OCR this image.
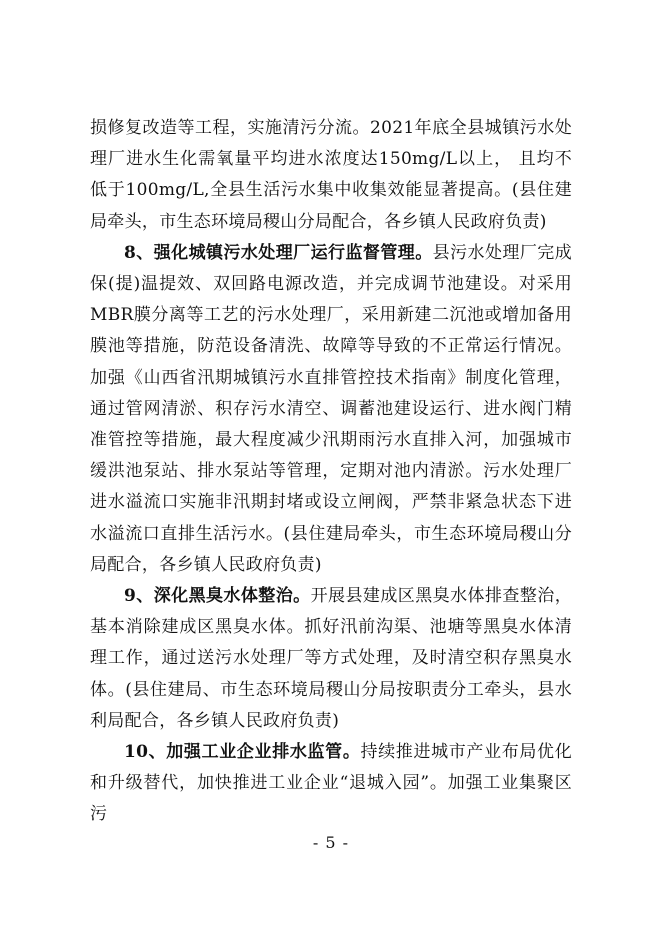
损修复改造等工程，实施清污分流。2021年底全县城镇污水处理厂进水生化需氧量平均进水浓度达150mg/L以上， 且均不低于100mg/L,全县生活污水集中收集效能显著提高。(县住建局牵头，市生态环境局稷山分局配合，各乡镇人民政府负责)

8、强化城镇污水处理厂运行监督管理。县污水处理厂完成保(提)温提效、双回路电源改造，并完成调节池建设。对采用MBR膜分离等工艺的污水处理厂，采用新建二沉池或增加备用膜池等措施，防范设备清洗、故障等导致的不正常运行情况。加强《山西省汛期城镇污水直排管控技术指南》制度化管理，通过管网清淤、积存污水清空、调蓄池建设运行、进水阀门精准管控等措施，最大程度减少汛期雨污水直排入河，加强城市缓洪池泵站、排水泵站等管理，定期对池内清淤。污水处理厂进水溢流口实施非汛期封堵或设立闸阀，严禁非紧急状态下进水溢流口直排生活污水。(县住建局牵头，市生态环境局稷山分局配合，各乡镇人民政府负责)

9、深化黑臭水体整治。开展县建成区黑臭水体排查整治，基本消除建成区黑臭水体。抓好汛前沟渠、池塘等黑臭水体清理工作，通过送污水处理厂等方式处理，及时清空积存黑臭水体。(县住建局、市生态环境局稷山分局按职责分工牵头，县水利局配合，各乡镇人民政府负责)

10、加强工业企业排水监管。持续推进城市产业布局优化和升级替代，加快推进工业企业“退城入园”。加强工业集聚区污

- 5 -
